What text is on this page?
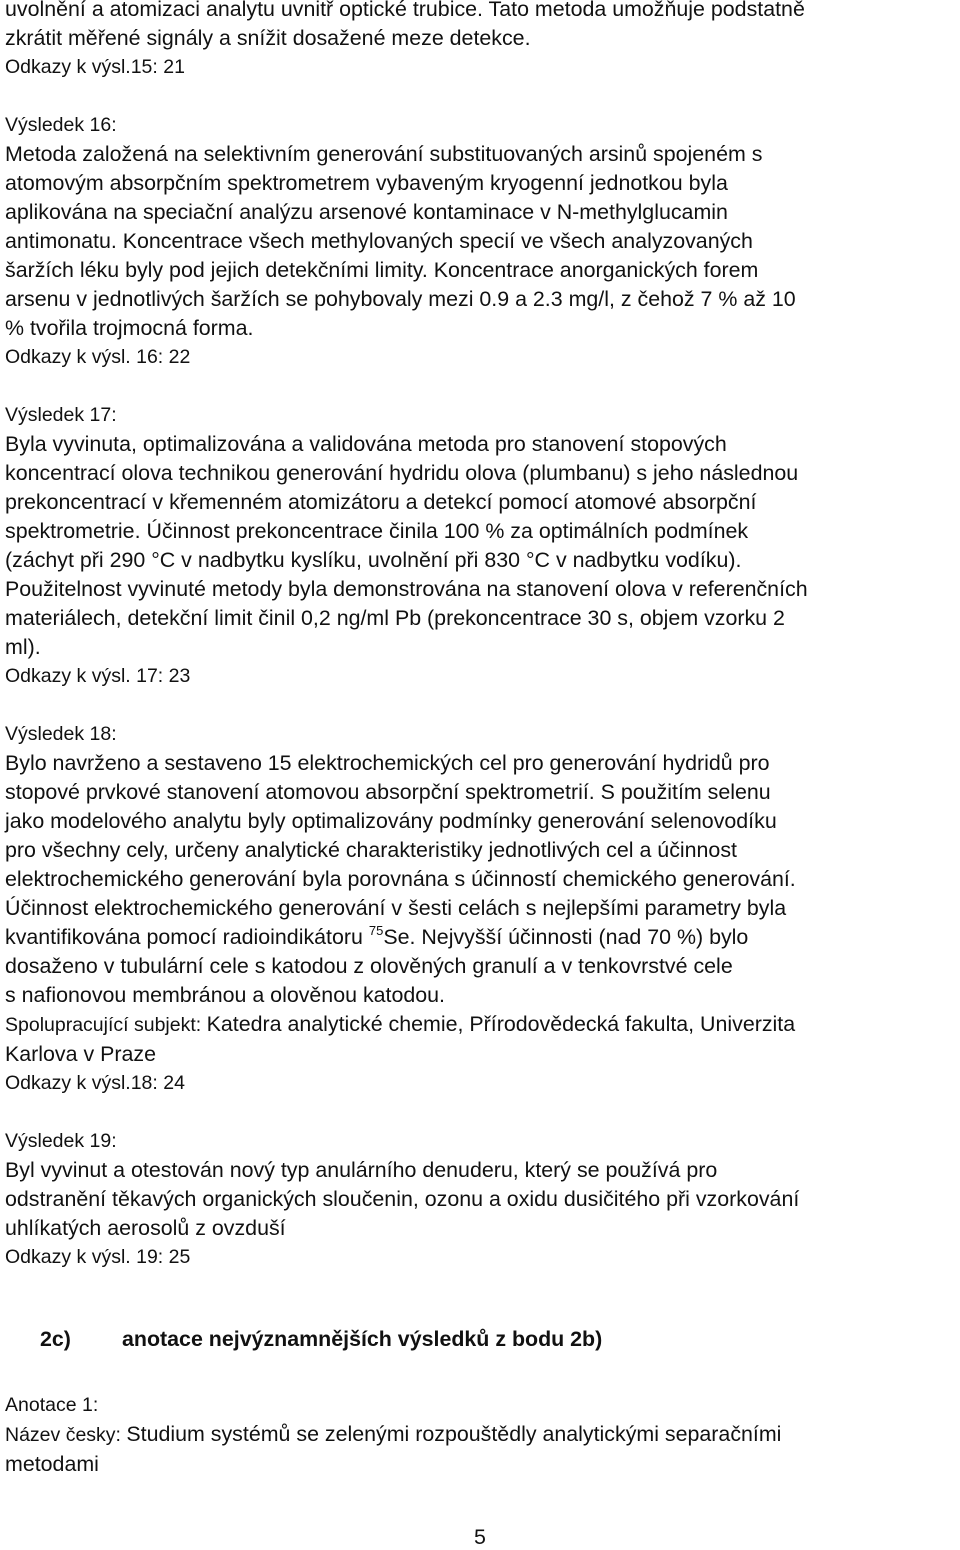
uvolnění a atomizaci analytu uvnitř optické trubice. Tato metoda umožňuje podstatně
zkrátit měřené signály a snížit dosažené meze detekce.
Odkazy k výsl.15: 21
Výsledek 16:
Metoda založená na selektivním generování substituovaných arsinů spojeném s
atomovým absorpčním spektrometrem vybaveným kryogenní jednotkou byla
aplikována na speciační analýzu arsenové kontaminace v N-methylglucamin
antimonatu. Koncentrace všech methylovaných specií ve všech analyzovaných
šaržích léku byly pod jejich detekčními limity. Koncentrace anorganických forem
arsenu v jednotlivých šaržích se pohybovaly mezi 0.9 a 2.3 mg/l, z čehož 7 % až 10
% tvořila trojmocná forma.
Odkazy k výsl. 16: 22
Výsledek 17:
Byla vyvinuta, optimalizována a validována metoda pro stanovení stopových
koncentrací olova technikou generování hydridu olova (plumbanu) s jeho následnou
prekoncentrací v křemenném atomizátoru a detekcí pomocí atomové absorpční
spektrometrie. Účinnost prekoncentrace činila 100 % za optimálních podmínek
(záchyt při 290 °C v nadbytku kyslíku, uvolnění při 830 °C v nadbytku vodíku).
Použitelnost vyvinuté metody byla demonstrována na stanovení olova v referenčních
materiálech, detekční limit činil 0,2 ng/ml Pb (prekoncentrace 30 s, objem vzorku 2
ml).
Odkazy k výsl. 17: 23
Výsledek 18:
Bylo navrženo a sestaveno 15 elektrochemických cel pro generování hydridů pro
stopové prvkové stanovení atomovou absorpční spektrometrií. S použitím selenu
jako modelového analytu byly optimalizovány podmínky generování selenovodíku
pro všechny cely, určeny analytické charakteristiky jednotlivých cel a účinnost
elektrochemického generování byla porovnána s účinností chemického generování.
Účinnost elektrochemického generování v šesti celách s nejlepšími parametry byla
kvantifikována pomocí radioindikátoru $^{75}$Se. Nejvyšší účinnosti (nad 70 %) bylo
dosaženo v tubulární cele s katodou z olověných granulí a v tenkovrstvé cele
s nafionovou membránou a olověnou katodou.
Spolupracující subjekt: Katedra analytické chemie, Přírodovědecká fakulta, Univerzita
Karlova v Praze
Odkazy k výsl.18: 24
Výsledek 19:
Byl vyvinut a otestován nový typ anulárního denuderu, který se používá pro
odstranění těkavých organických sloučenin, ozonu a oxidu dusičitého při vzorkování
uhlíkatých aerosolů z ovzduší
Odkazy k výsl. 19: 25
2c) anotace nejvýznamnějších výsledků z bodu 2b)
Anotace 1:
Název česky: Studium systémů se zelenými rozpouštědly analytickými separačními
metodami
5
